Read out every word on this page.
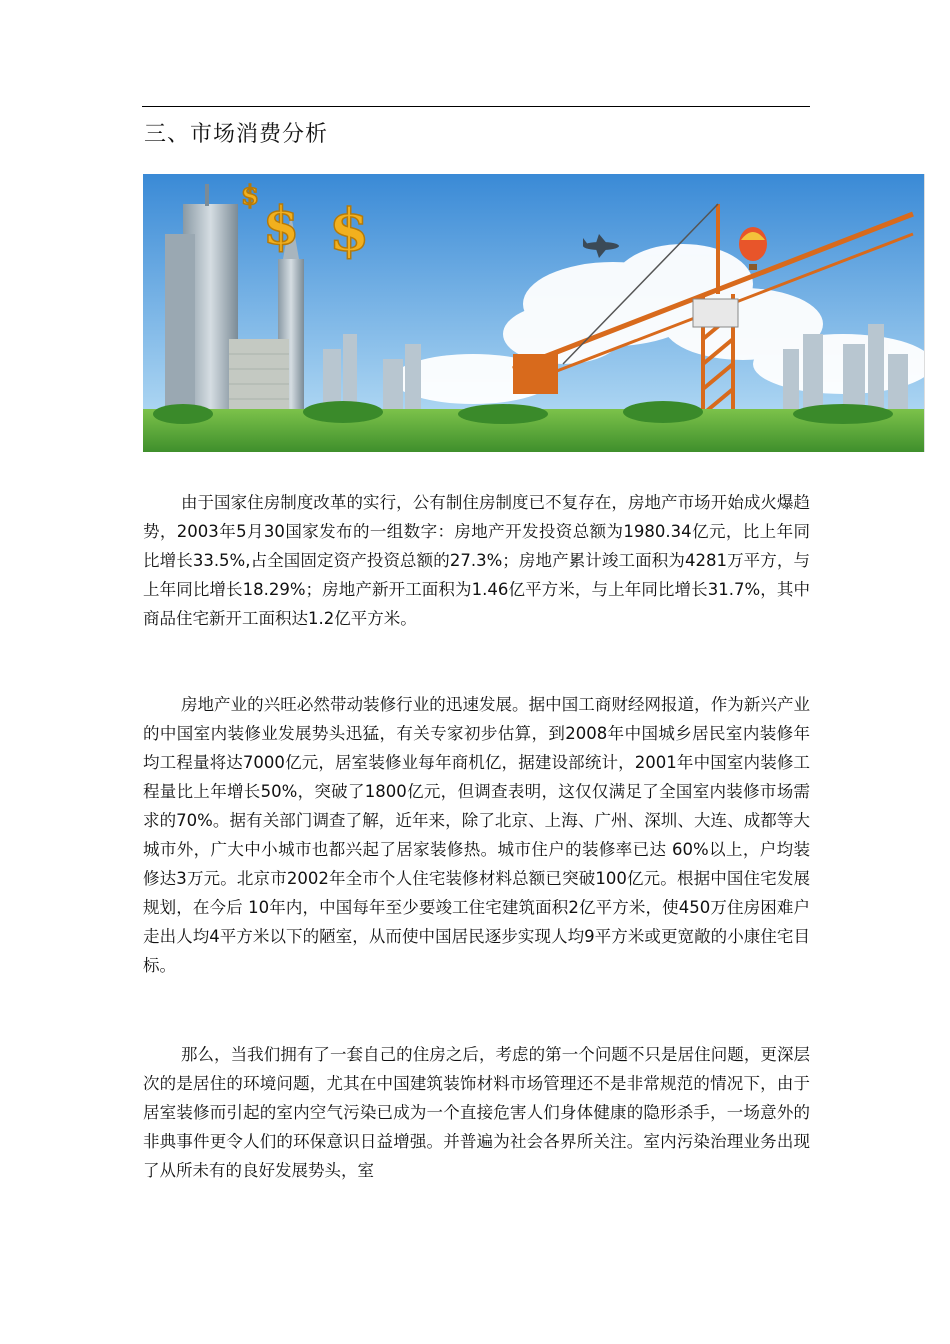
三、市场消费分析
$ $ $

由于国家住房制度改革的实行，公有制住房制度已不复存在，房地产市场开始成火爆趋势，2003年5月30国家发布的一组数字：房地产开发投资总额为1980.34亿元，比上年同比增长33.5%,占全国固定资产投资总额的27.3%；房地产累计竣工面积为4281万平方，与上年同比增长18.29%；房地产新开工面积为1.46亿平方米，与上年同比增长31.7%，其中商品住宅新开工面积达1.2亿平方米。

房地产业的兴旺必然带动装修行业的迅速发展。据中国工商财经网报道，作为新兴产业的中国室内装修业发展势头迅猛，有关专家初步估算，到2008年中国城乡居民室内装修年均工程量将达7000亿元，居室装修业每年商机亿，据建设部统计，2001年中国室内装修工程量比上年增长50%，突破了1800亿元，但调查表明，这仅仅满足了全国室内装修市场需求的70%。据有关部门调查了解，近年来，除了北京、上海、广州、深圳、大连、成都等大城市外，广大中小城市也都兴起了居家装修热。城市住户的装修率已达 60%以上，户均装修达3万元。北京市2002年全市个人住宅装修材料总额已突破100亿元。根据中国住宅发展规划，在今后 10年内，中国每年至少要竣工住宅建筑面积2亿平方米，使450万住房困难户走出人均4平方米以下的陋室，从而使中国居民逐步实现人均9平方米或更宽敞的小康住宅目标。

那么，当我们拥有了一套自己的住房之后，考虑的第一个问题不只是居住问题，更深层次的是居住的环境问题，尤其在中国建筑装饰材料市场管理还不是非常规范的情况下，由于居室装修而引起的室内空气污染已成为一个直接危害人们身体健康的隐形杀手，一场意外的非典事件更令人们的环保意识日益增强。并普遍为社会各界所关注。室内污染治理业务出现了从所未有的良好发展势头，室
